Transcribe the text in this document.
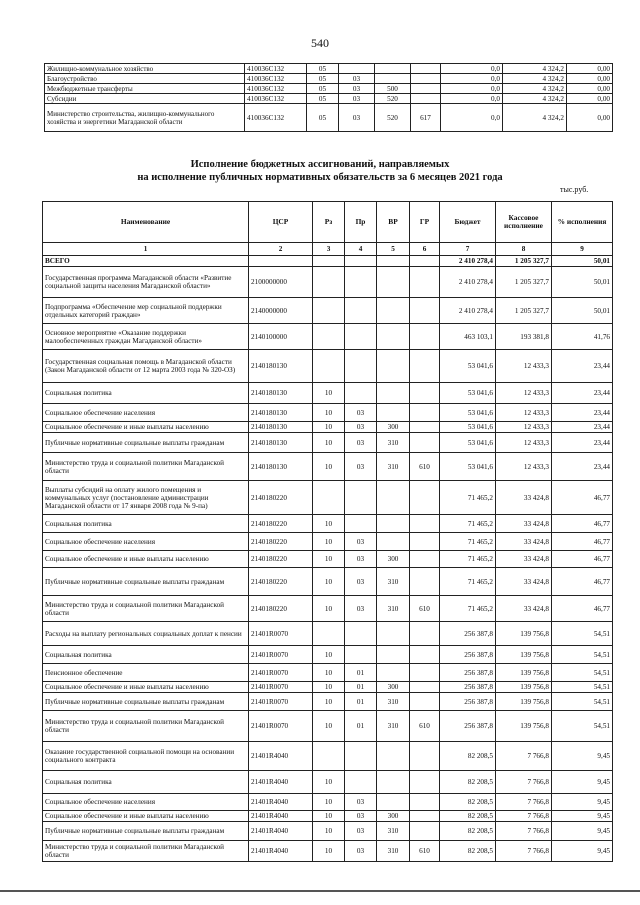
540
Жилищно-коммунальное хозяйство	410036С132	05				0,0	4 324,2	0,00
Благоустройство	410036С132	05	03			0,0	4 324,2	0,00
Межбюджетные трансферты	410036С132	05	03	500		0,0	4 324,2	0,00
Субсидии	410036С132	05	03	520		0,0	4 324,2	0,00
Министерство строительства, жилищно-коммунального хозяйства и энергетики Магаданской области	410036С132	05	03	520	617	0,0	4 324,2	0,00
Исполнение бюджетных ассигнований, направляемых
на исполнение публичных нормативных обязательств за 6 месяцев 2021 года
тыс.руб.
Наименование	ЦСР	Рз	Пр	ВР	ГР	Бюджет	Кассовое исполнение	% исполнения
1	2	3	4	5	6	7	8	9
ВСЕГО						2 410 278,4	1 205 327,7	50,01
Государственная программа Магаданской области «Развитие социальной защиты населения Магаданской области»	2100000000					2 410 278,4	1 205 327,7	50,01
Подпрограмма «Обеспечение мер социальной поддержки отдельных категорий граждан»	2140000000					2 410 278,4	1 205 327,7	50,01
Основное мероприятие «Оказание поддержки малообеспеченных граждан Магаданской области»	2140100000					463 103,1	193 381,8	41,76
Государственная социальная помощь в Магаданской области (Закон Магаданской области от 12 марта 2003 года № 320-ОЗ)	2140180130					53 041,6	12 433,3	23,44
Социальная политика	2140180130	10				53 041,6	12 433,3	23,44
Социальное обеспечение населения	2140180130	10	03			53 041,6	12 433,3	23,44
Социальное обеспечение и иные выплаты населению	2140180130	10	03	300		53 041,6	12 433,3	23,44
Публичные нормативные социальные выплаты гражданам	2140180130	10	03	310		53 041,6	12 433,3	23,44
Министерство труда и социальной политики Магаданской области	2140180130	10	03	310	610	53 041,6	12 433,3	23,44
Выплаты субсидий на оплату жилого помещения и коммунальных услуг (постановление администрации Магаданской области от 17 января 2008 года № 9-па)	2140180220					71 465,2	33 424,8	46,77
Социальная политика	2140180220	10				71 465,2	33 424,8	46,77
Социальное обеспечение населения	2140180220	10	03			71 465,2	33 424,8	46,77
Социальное обеспечение и иные выплаты населению	2140180220	10	03	300		71 465,2	33 424,8	46,77
Публичные нормативные социальные выплаты гражданам	2140180220	10	03	310		71 465,2	33 424,8	46,77
Министерство труда и социальной политики Магаданской области	2140180220	10	03	310	610	71 465,2	33 424,8	46,77
Расходы на выплату региональных социальных доплат к пенсии	21401R0070					256 387,8	139 756,8	54,51
Социальная политика	21401R0070	10				256 387,8	139 756,8	54,51
Пенсионное обеспечение	21401R0070	10	01			256 387,8	139 756,8	54,51
Социальное обеспечение и иные выплаты населению	21401R0070	10	01	300		256 387,8	139 756,8	54,51
Публичные нормативные социальные выплаты гражданам	21401R0070	10	01	310		256 387,8	139 756,8	54,51
Министерство труда и социальной политики Магаданской области	21401R0070	10	01	310	610	256 387,8	139 756,8	54,51
Оказание государственной социальной помощи на основании социального контракта	21401R4040					82 208,5	7 766,8	9,45
Социальная политика	21401R4040	10				82 208,5	7 766,8	9,45
Социальное обеспечение населения	21401R4040	10	03			82 208,5	7 766,8	9,45
Социальное обеспечение и иные выплаты населению	21401R4040	10	03	300		82 208,5	7 766,8	9,45
Публичные нормативные социальные выплаты гражданам	21401R4040	10	03	310		82 208,5	7 766,8	9,45
Министерство труда и социальной политики Магаданской области	21401R4040	10	03	310	610	82 208,5	7 766,8	9,45
